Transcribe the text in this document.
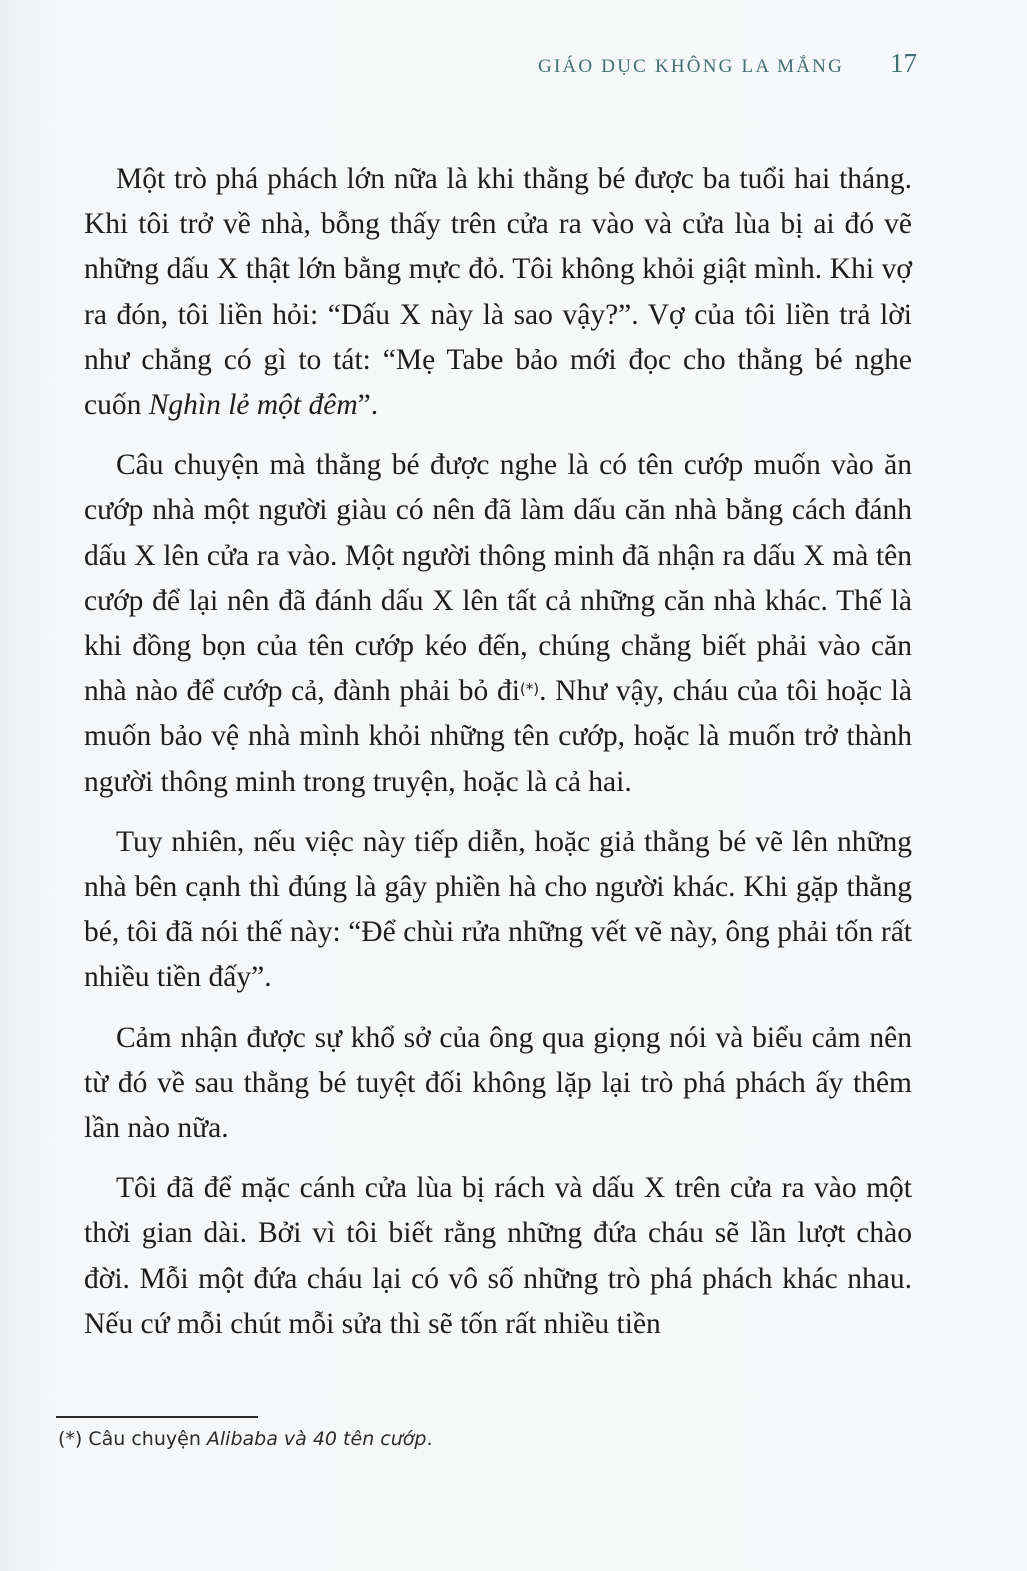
GIÁO DỤC KHÔNG LA MẮNG 17

Một trò phá phách lớn nữa là khi thằng bé được ba tuổi hai tháng. Khi tôi trở về nhà, bỗng thấy trên cửa ra vào và cửa lùa bị ai đó vẽ những dấu X thật lớn bằng mực đỏ. Tôi không khỏi giật mình. Khi vợ ra đón, tôi liền hỏi: “Dấu X này là sao vậy?”. Vợ của tôi liền trả lời như chẳng có gì to tát: “Mẹ Tabe bảo mới đọc cho thằng bé nghe cuốn Nghìn lẻ một đêm”.

Câu chuyện mà thằng bé được nghe là có tên cướp muốn vào ăn cướp nhà một người giàu có nên đã làm dấu căn nhà bằng cách đánh dấu X lên cửa ra vào. Một người thông minh đã nhận ra dấu X mà tên cướp để lại nên đã đánh dấu X lên tất cả những căn nhà khác. Thế là khi đồng bọn của tên cướp kéo đến, chúng chẳng biết phải vào căn nhà nào để cướp cả, đành phải bỏ đi(*). Như vậy, cháu của tôi hoặc là muốn bảo vệ nhà mình khỏi những tên cướp, hoặc là muốn trở thành người thông minh trong truyện, hoặc là cả hai.

Tuy nhiên, nếu việc này tiếp diễn, hoặc giả thằng bé vẽ lên những nhà bên cạnh thì đúng là gây phiền hà cho người khác. Khi gặp thằng bé, tôi đã nói thế này: “Để chùi rửa những vết vẽ này, ông phải tốn rất nhiều tiền đấy”.

Cảm nhận được sự khổ sở của ông qua giọng nói và biểu cảm nên từ đó về sau thằng bé tuyệt đối không lặp lại trò phá phách ấy thêm lần nào nữa.

Tôi đã để mặc cánh cửa lùa bị rách và dấu X trên cửa ra vào một thời gian dài. Bởi vì tôi biết rằng những đứa cháu sẽ lần lượt chào đời. Mỗi một đứa cháu lại có vô số những trò phá phách khác nhau. Nếu cứ mỗi chút mỗi sửa thì sẽ tốn rất nhiều tiền

(*) Câu chuyện Alibaba và 40 tên cướp.
